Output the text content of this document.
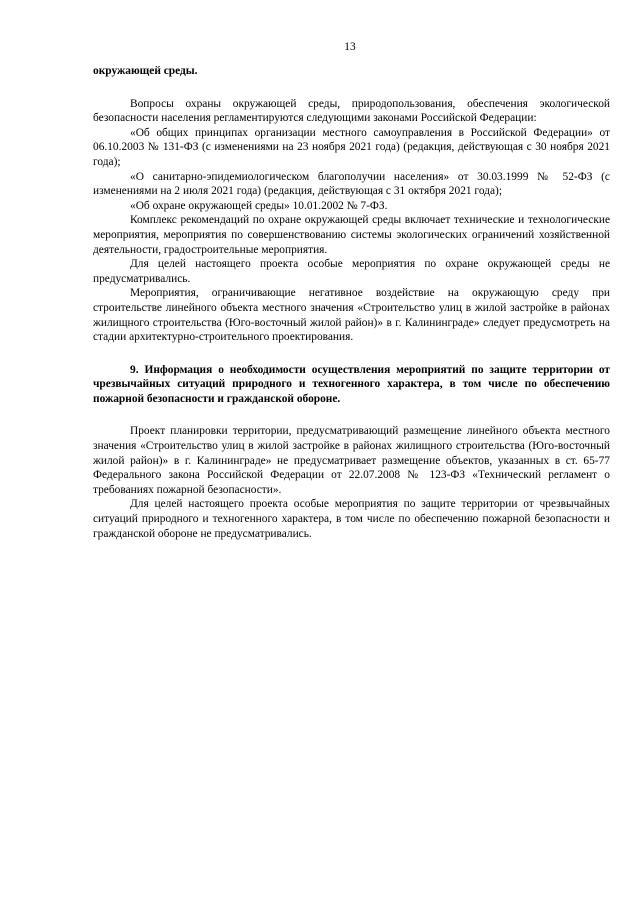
13

окружающей среды.

Вопросы охраны окружающей среды, природопользования, обеспечения экологической безопасности населения регламентируются следующими законами Российской Федерации:

«Об общих принципах организации местного самоуправления в Российской Федерации» от 06.10.2003 № 131-ФЗ (с изменениями на 23 ноября 2021 года) (редакция, действующая с 30 ноября 2021 года);

«О санитарно-эпидемиологическом благополучии населения» от 30.03.1999 № 52-ФЗ (с изменениями на 2 июля 2021 года) (редакция, действующая с 31 октября 2021 года);

«Об охране окружающей среды» 10.01.2002 № 7-ФЗ.

Комплекс рекомендаций по охране окружающей среды включает технические и технологические мероприятия, мероприятия по совершенствованию системы экологических ограничений хозяйственной деятельности, градостроительные мероприятия.

Для целей настоящего проекта особые мероприятия по охране окружающей среды не предусматривались.

Мероприятия, ограничивающие негативное воздействие на окружающую среду при строительстве линейного объекта местного значения «Строительство улиц в жилой застройке в районах жилищного строительства (Юго-восточный жилой район)» в г. Калининграде» следует предусмотреть на стадии архитектурно-строительного проектирования.

9. Информация о необходимости осуществления мероприятий по защите территории от чрезвычайных ситуаций природного и техногенного характера, в том числе по обеспечению пожарной безопасности и гражданской обороне.

Проект планировки территории, предусматривающий размещение линейного объекта местного значения «Строительство улиц в жилой застройке в районах жилищного строительства (Юго-восточный жилой район)» в г. Калининграде» не предусматривает размещение объектов, указанных в ст. 65-77 Федерального закона Российской Федерации от 22.07.2008 № 123-ФЗ «Технический регламент о требованиях пожарной безопасности».

Для целей настоящего проекта особые мероприятия по защите территории от чрезвычайных ситуаций природного и техногенного характера, в том числе по обеспечению пожарной безопасности и гражданской обороне не предусматривались.
